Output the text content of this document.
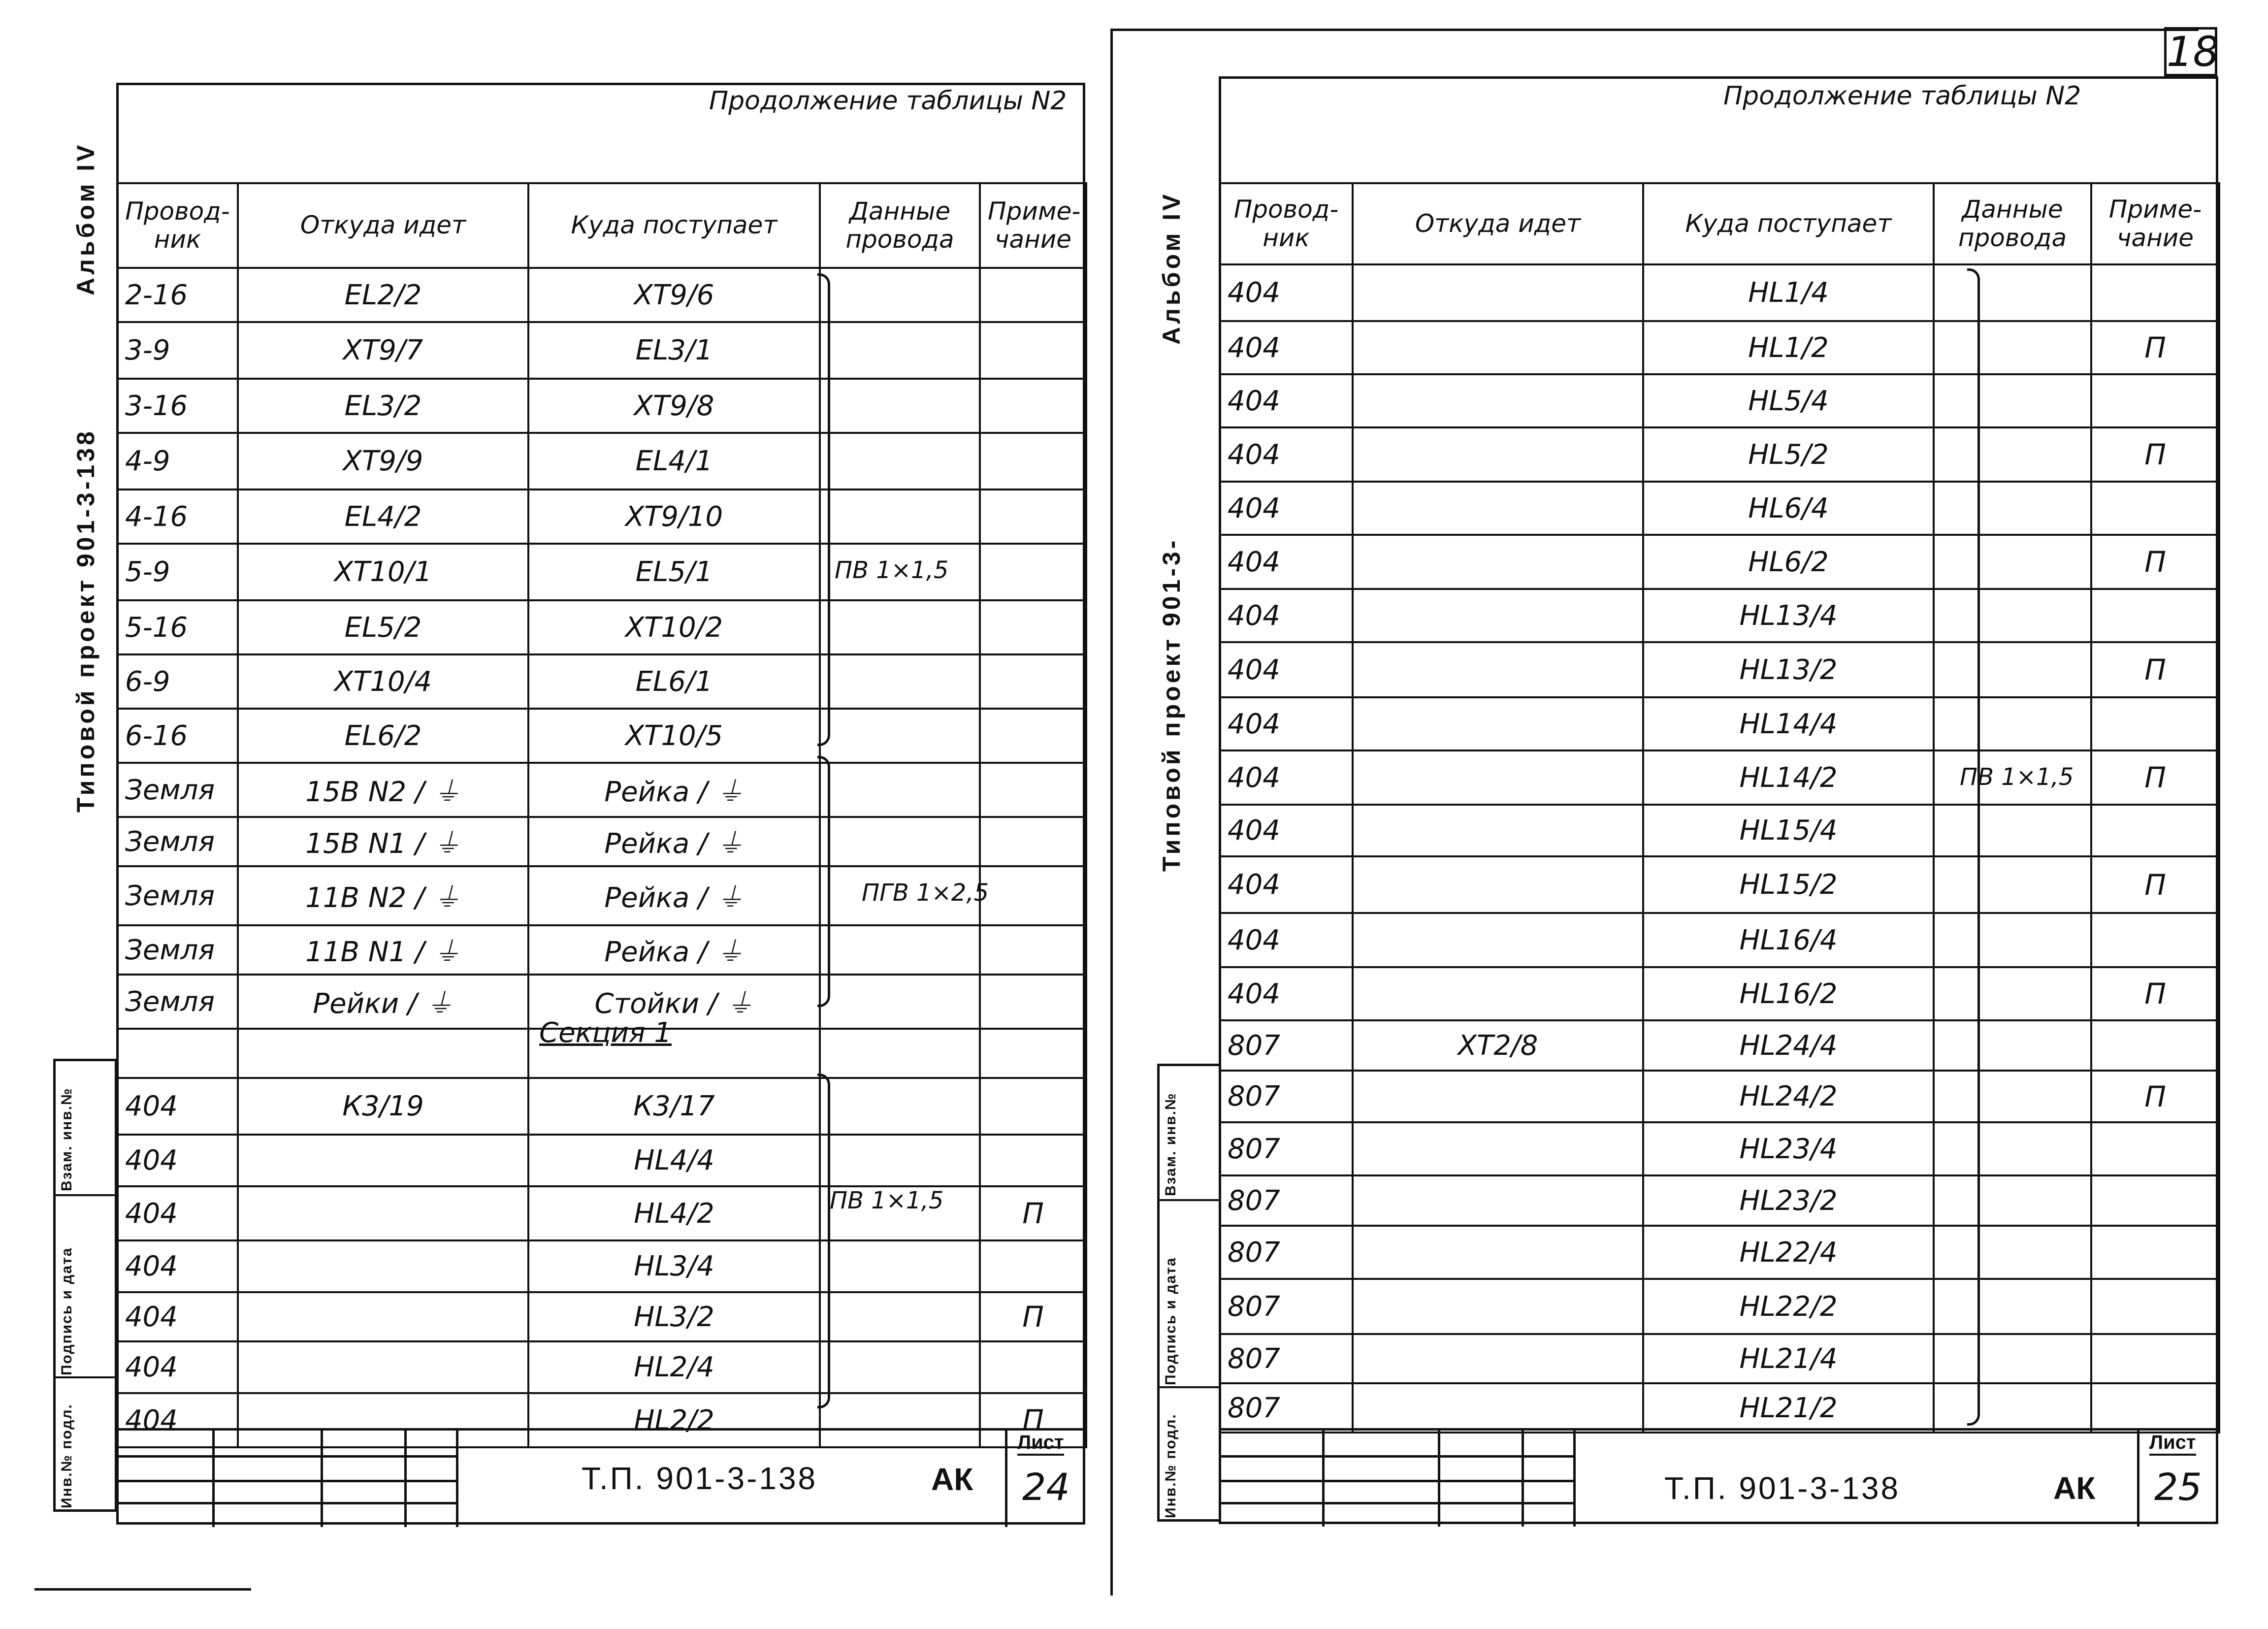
Альбом IV
Типовой проект 901-3-138
Взам. инв.№
Подпись и дата
Инв.№ подл.
Продолжение таблицы N2
Провод-ник	Откуда идет	Куда поступает	Данные провода	Приме-чание
2-16	EL2/2	XT9/6		
3-9	XT9/7	EL3/1		
3-16	EL3/2	XT9/8		
4-9	XT9/9	EL4/1		
4-16	EL4/2	XT9/10		
5-9	XT10/1	EL5/1		
5-16	EL5/2	XT10/2		
6-9	XT10/4	EL6/1		
6-16	EL6/2	XT10/5		
Земля	15В N2 / ⏚	Рейка / ⏚		
Земля	15В N1 / ⏚	Рейка / ⏚		
Земля	11В N2 / ⏚	Рейка / ⏚		
Земля	11В N1 / ⏚	Рейка / ⏚		
Земля	Рейки / ⏚	Стойки / ⏚		

404	К3/19	К3/17		
404		HL4/4		
404		HL4/2		П
404		HL3/4		
404		HL3/2		П
404		HL2/4		
404		HL2/2		П
ПВ 1×1,5
ПГВ 1×2,5
Секция 1
ПВ 1×1,5
Т.П. 901-3-138	АК
Лист
24
18
Альбом IV
Типовой проект 901-3-
Взам. инв.№
Подпись и дата
Инв.№ подл.
Продолжение таблицы N2
Провод-ник	Откуда идет	Куда поступает	Данные провода	Приме-чание
404		HL1/4		
404		HL1/2		П
404		HL5/4		
404		HL5/2		П
404		HL6/4		
404		HL6/2		П
404		HL13/4		
404		HL13/2		П
404		HL14/4		
404		HL14/2		П
404		HL15/4		
404		HL15/2		П
404		HL16/4		
404		HL16/2		П
807	XT2/8	HL24/4		
807		HL24/2		П
807		HL23/4		
807		HL23/2		
807		HL22/4		
807		HL22/2		
807		HL21/4		
807		HL21/2		
ПВ 1×1,5
Т.П. 901-3-138	АК
Лист
25
